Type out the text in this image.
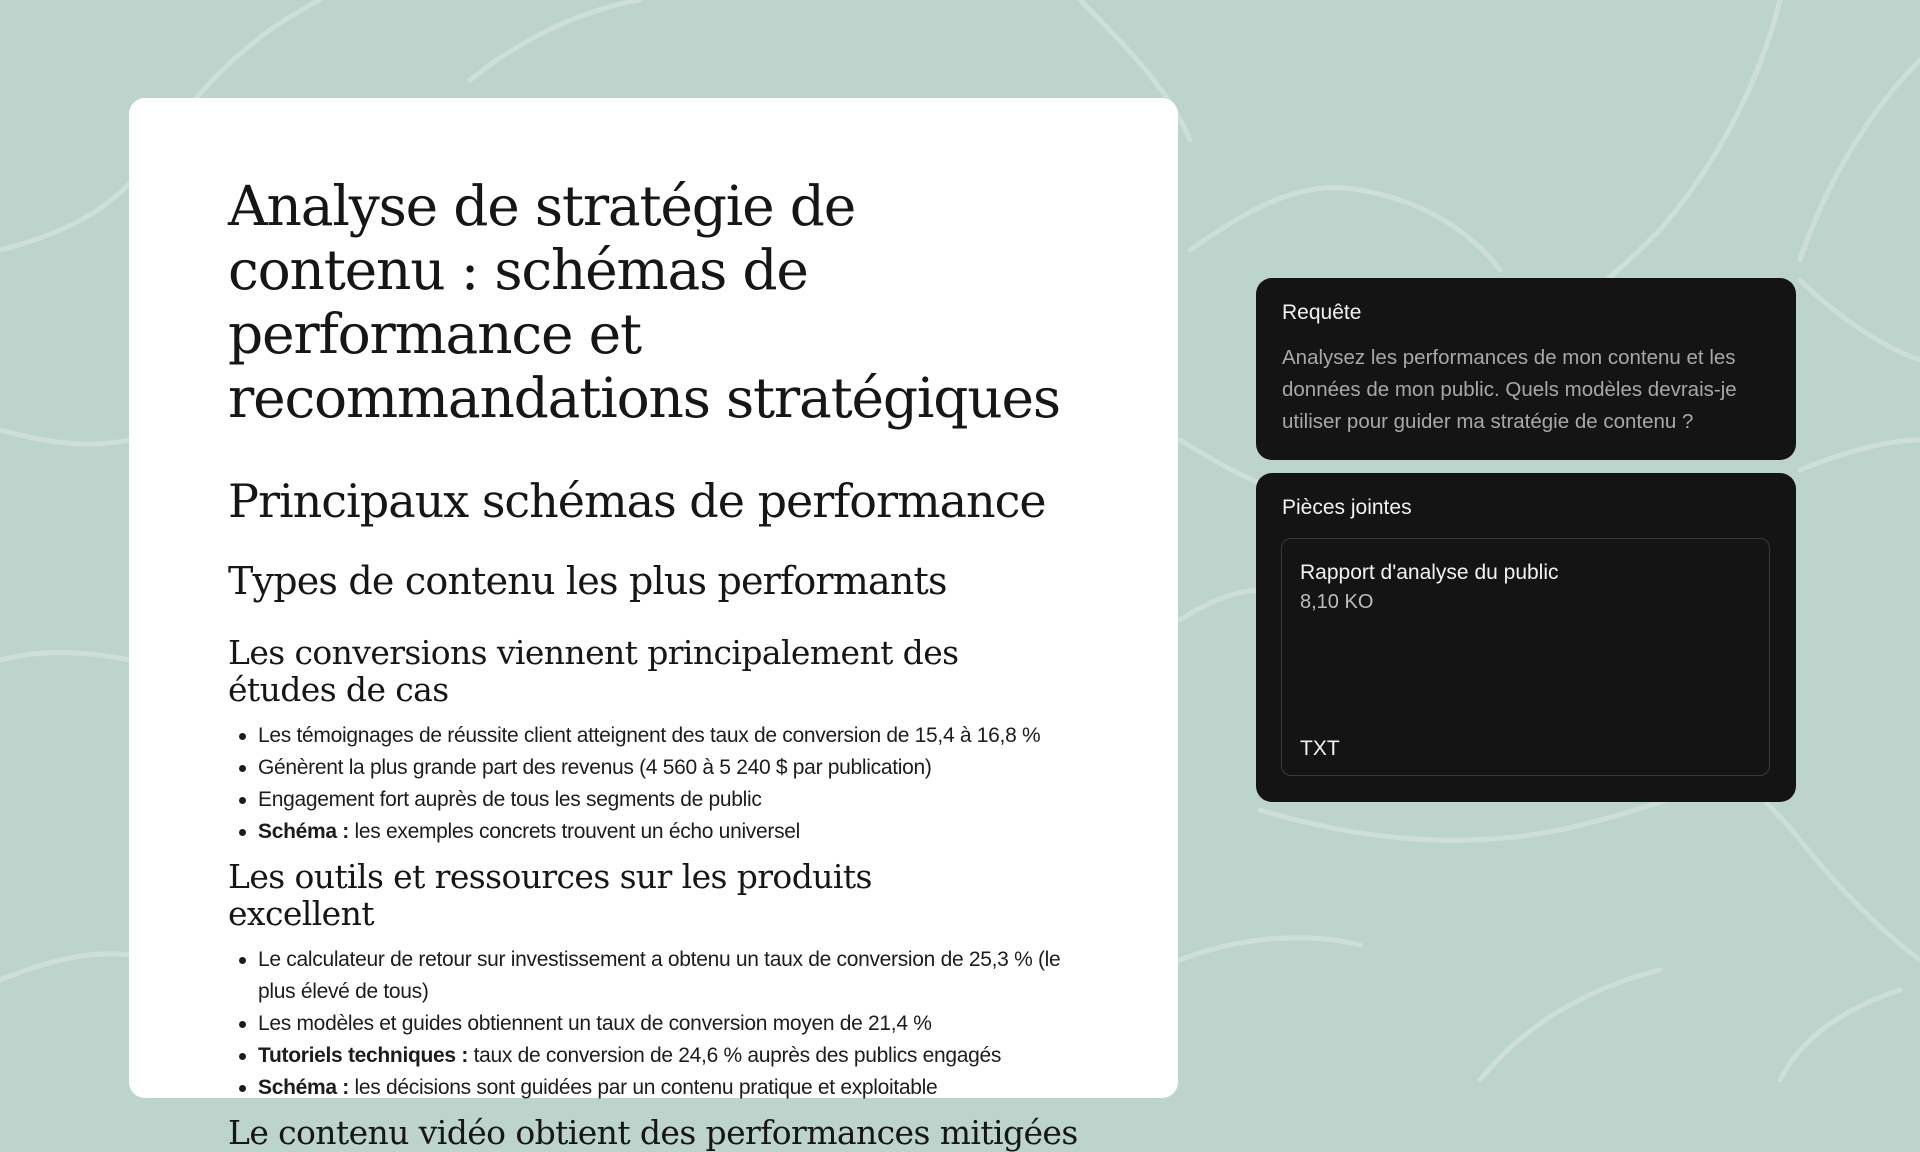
Analyse de stratégie de contenu : schémas de performance et recommandations stratégiques
Principaux schémas de performance
Types de contenu les plus performants
Les conversions viennent principalement des études de cas
Les témoignages de réussite client atteignent des taux de conversion de 15,4 à 16,8 %
Génèrent la plus grande part des revenus (4 560 à 5 240 $ par publication)
Engagement fort auprès de tous les segments de public
Schéma : les exemples concrets trouvent un écho universel
Les outils et ressources sur les produits excellent
Le calculateur de retour sur investissement a obtenu un taux de conversion de 25,3 % (le plus élevé de tous)
Les modèles et guides obtiennent un taux de conversion moyen de 21,4 %
Tutoriels techniques : taux de conversion de 24,6 % auprès des publics engagés
Schéma : les décisions sont guidées par un contenu pratique et exploitable
Le contenu vidéo obtient des performances mitigées

Requête

Analysez les performances de mon contenu et les données de mon public. Quels modèles devrais-je utiliser pour guider ma stratégie de contenu ?

Pièces jointes

Rapport d'analyse du public
8,10 KO
TXT
